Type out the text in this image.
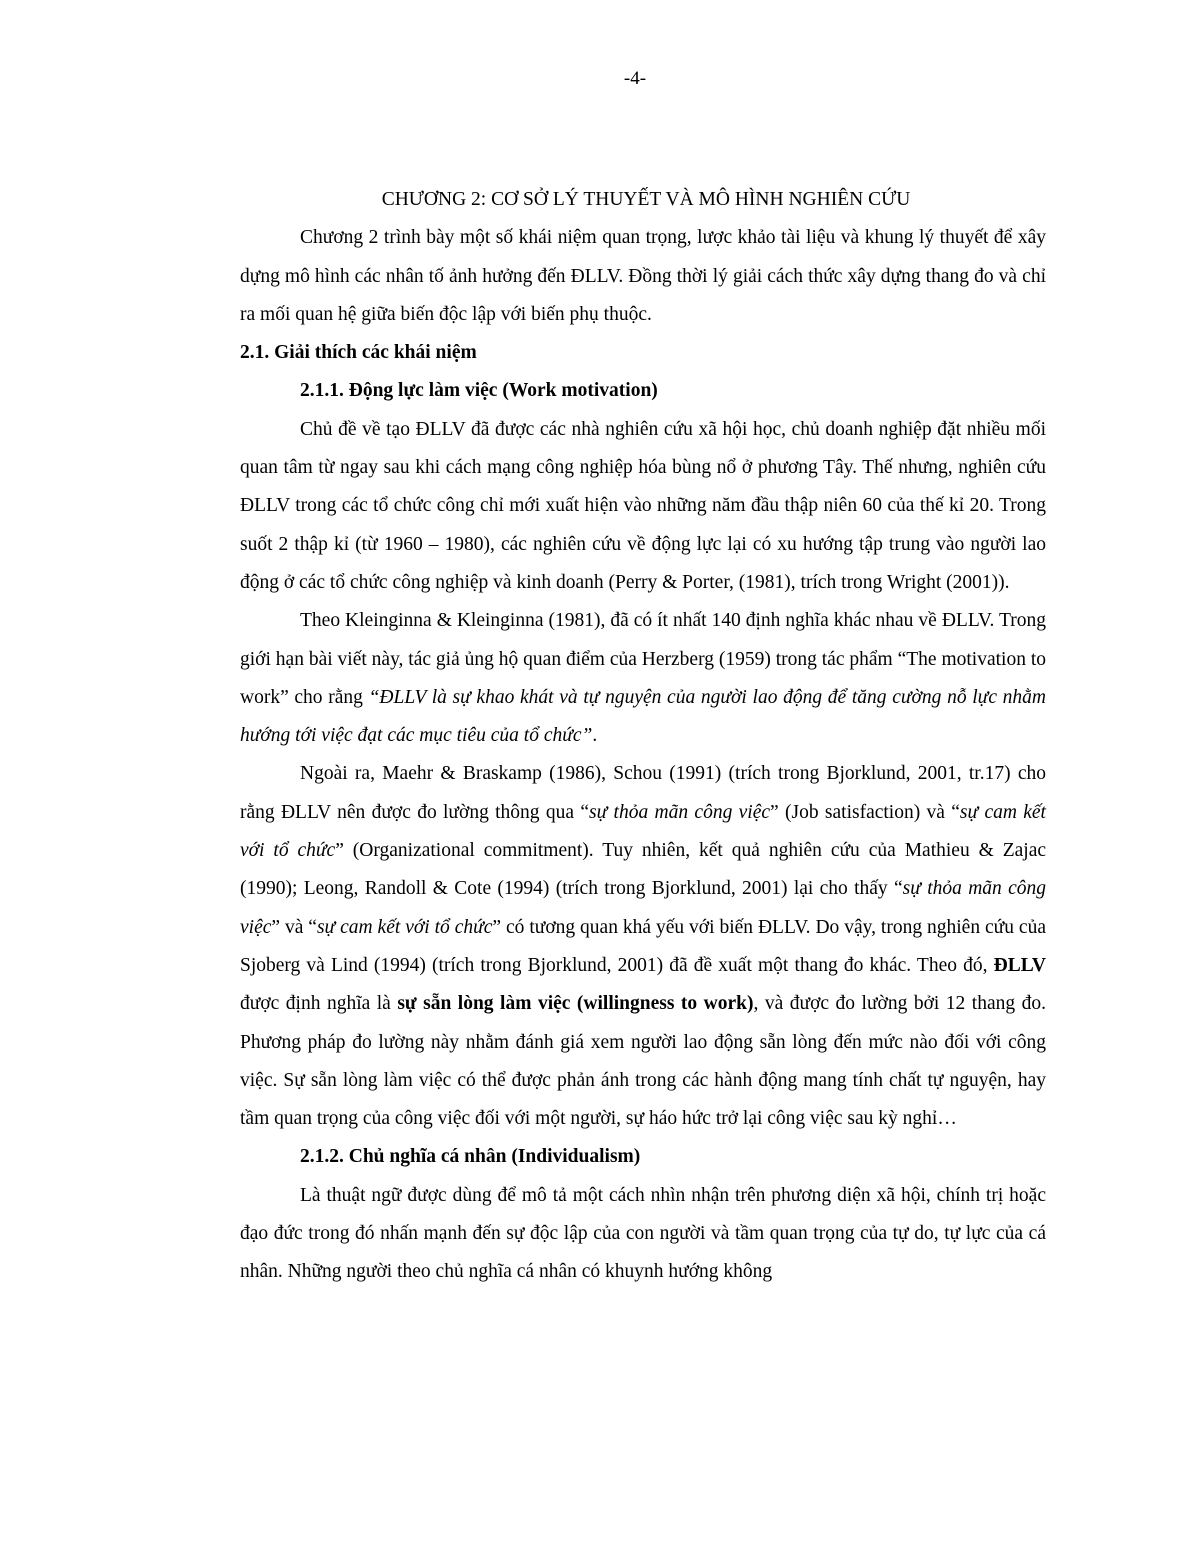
-4-
CHƯƠNG 2: CƠ SỞ LÝ THUYẾT VÀ MÔ HÌNH NGHIÊN CỨU

Chương 2 trình bày một số khái niệm quan trọng, lược khảo tài liệu và khung lý thuyết để xây dựng mô hình các nhân tố ảnh hưởng đến ĐLLV. Đồng thời lý giải cách thức xây dựng thang đo và chỉ ra mối quan hệ giữa biến độc lập với biến phụ thuộc.

2.1. Giải thích các khái niệm
2.1.1. Động lực làm việc (Work motivation)

Chủ đề về tạo ĐLLV đã được các nhà nghiên cứu xã hội học, chủ doanh nghiệp đặt nhiều mối quan tâm từ ngay sau khi cách mạng công nghiệp hóa bùng nổ ở phương Tây. Thế nhưng, nghiên cứu ĐLLV trong các tổ chức công chỉ mới xuất hiện vào những năm đầu thập niên 60 của thế kỉ 20. Trong suốt 2 thập kỉ (từ 1960 – 1980), các nghiên cứu về động lực lại có xu hướng tập trung vào người lao động ở các tổ chức công nghiệp và kinh doanh (Perry & Porter, (1981), trích trong Wright (2001)).

Theo Kleinginna & Kleinginna (1981), đã có ít nhất 140 định nghĩa khác nhau về ĐLLV. Trong giới hạn bài viết này, tác giả ủng hộ quan điểm của Herzberg (1959) trong tác phẩm “The motivation to work” cho rằng “ĐLLV là sự khao khát và tự nguyện của người lao động để tăng cường nỗ lực nhằm hướng tới việc đạt các mục tiêu của tổ chức”.

Ngoài ra, Maehr & Braskamp (1986), Schou (1991) (trích trong Bjorklund, 2001, tr.17) cho rằng ĐLLV nên được đo lường thông qua “sự thỏa mãn công việc” (Job satisfaction) và “sự cam kết với tổ chức” (Organizational commitment). Tuy nhiên, kết quả nghiên cứu của Mathieu & Zajac (1990); Leong, Randoll & Cote (1994) (trích trong Bjorklund, 2001) lại cho thấy “sự thỏa mãn công việc” và “sự cam kết với tổ chức” có tương quan khá yếu với biến ĐLLV. Do vậy, trong nghiên cứu của Sjoberg và Lind (1994) (trích trong Bjorklund, 2001) đã đề xuất một thang đo khác. Theo đó, ĐLLV được định nghĩa là sự sẵn lòng làm việc (willingness to work), và được đo lường bởi 12 thang đo. Phương pháp đo lường này nhằm đánh giá xem người lao động sẵn lòng đến mức nào đối với công việc. Sự sẵn lòng làm việc có thể được phản ánh trong các hành động mang tính chất tự nguyện, hay tầm quan trọng của công việc đối với một người, sự háo hức trở lại công việc sau kỳ nghỉ…

2.1.2. Chủ nghĩa cá nhân (Individualism)

Là thuật ngữ được dùng để mô tả một cách nhìn nhận trên phương diện xã hội, chính trị hoặc đạo đức trong đó nhấn mạnh đến sự độc lập của con người và tầm quan trọng của tự do, tự lực của cá nhân. Những người theo chủ nghĩa cá nhân có khuynh hướng không
